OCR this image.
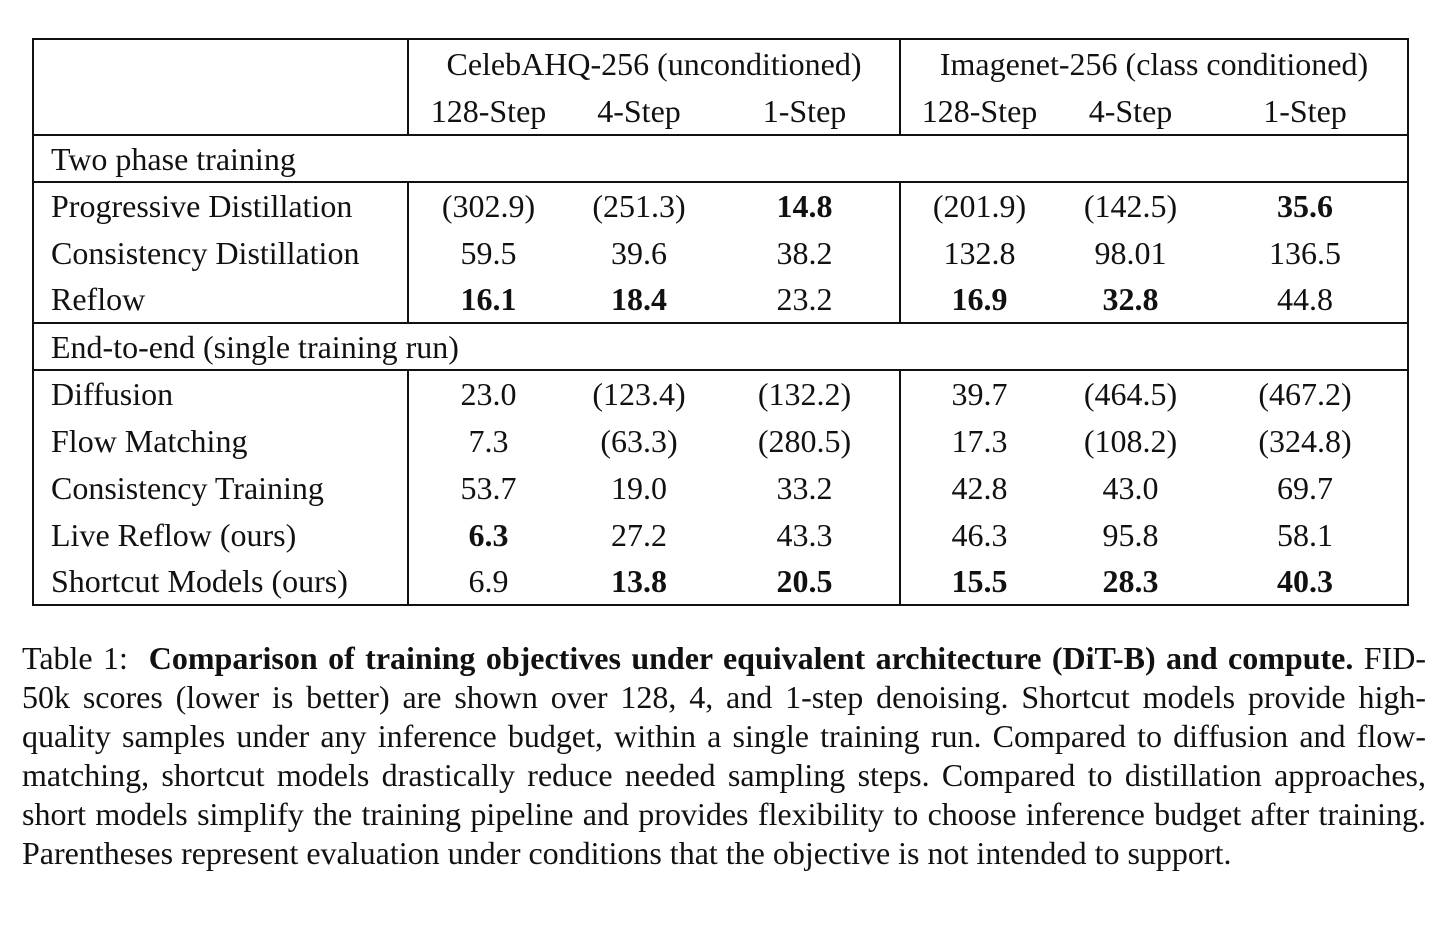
	CelebAHQ-256 (unconditioned)			Imagenet-256 (class conditioned)		
	128-Step	4-Step	1-Step	128-Step	4-Step	1-Step
Two phase training						
Progressive Distillation	(302.9)	(251.3)	14.8	(201.9)	(142.5)	35.6
Consistency Distillation	59.5	39.6	38.2	132.8	98.01	136.5
Reflow	16.1	18.4	23.2	16.9	32.8	44.8
End-to-end (single training run)						
Diffusion	23.0	(123.4)	(132.2)	39.7	(464.5)	(467.2)
Flow Matching	7.3	(63.3)	(280.5)	17.3	(108.2)	(324.8)
Consistency Training	53.7	19.0	33.2	42.8	43.0	69.7
Live Reflow (ours)	6.3	27.2	43.3	46.3	95.8	58.1
Shortcut Models (ours)	6.9	13.8	20.5	15.5	28.3	40.3

Table 1: Comparison of training objectives under equivalent architecture (DiT-B) and compute. FID-50k scores (lower is better) are shown over 128, 4, and 1-step denoising. Shortcut models provide high-quality samples under any inference budget, within a single training run. Compared to diffusion and flow-matching, shortcut models drastically reduce needed sampling steps. Compared to distillation approaches, short models simplify the training pipeline and provides flexibility to choose inference budget after training. Parentheses represent evaluation under conditions that the objective is not intended to support.
